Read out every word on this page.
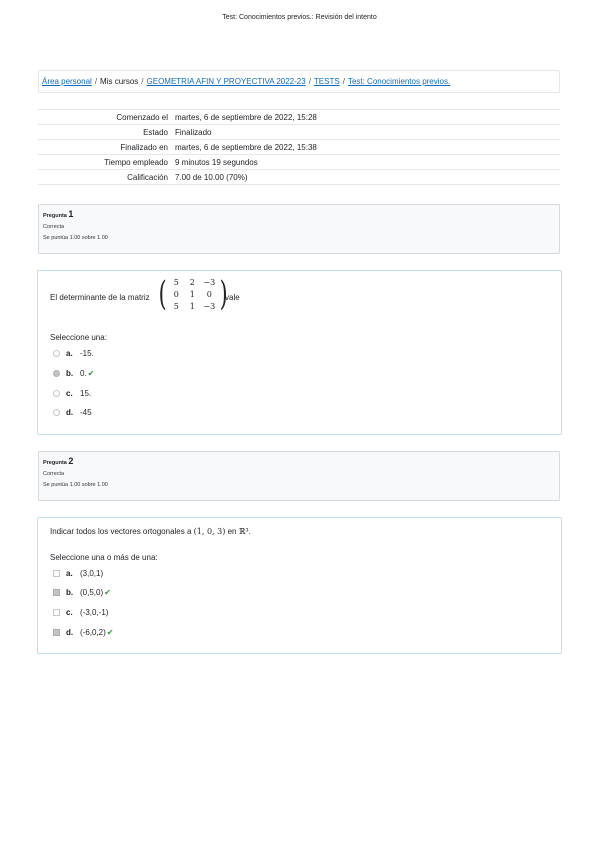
Test: Conocimientos previos.: Revisión del intento
Área personal / Mis cursos / GEOMETRIA AFIN Y PROYECTIVA 2022-23 / TESTS / Test: Conocimientos previos.
Comenzado el	martes, 6 de septiembre de 2022, 15:28
Estado	Finalizado
Finalizado en	martes, 6 de septiembre de 2022, 15:38
Tiempo empleado	9 minutos 19 segundos
Calificación	7.00 de 10.00 (70%)
Pregunta 1
Correcta
Se puntúa 1.00 sobre 1.00
El determinante de la matriz ( 5	2	−3
0	1	0
5	1	−3 )
vale
Seleccione una:
a. -15.
b. 0. ✔
c. 15.
d. -45
Pregunta 2
Correcta
Se puntúa 1.00 sobre 1.00
Indicar todos los vectores ortogonales a (1, 0, 3) en ℝ³.
Seleccione una o más de una:
a. (3,0,1)
b. (0,5,0) ✔
c. (-3,0,-1)
d. (-6,0,2) ✔
